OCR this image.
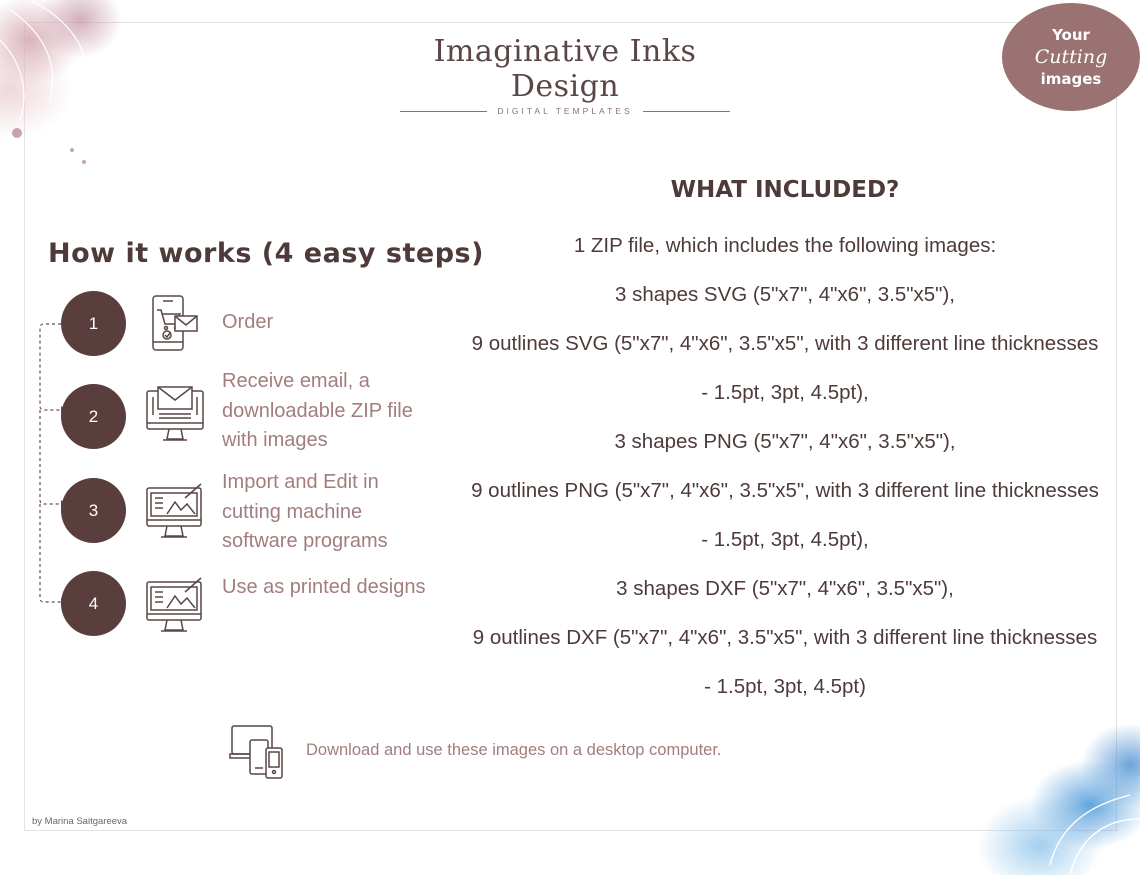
Imaginative Inks Design
DIGITAL TEMPLATES
Your
Cutting
images
How it works (4 easy steps)
1	Order
2
Receive email, a downloadable ZIP file with images
3
Import and Edit in cutting machine software programs
4
Use as printed designs
WHAT INCLUDED?
1 ZIP file, which includes the following images:
3 shapes SVG (5"x7", 4"x6", 3.5"x5"),
9 outlines SVG (5"x7", 4"x6", 3.5"x5", with 3 different line thicknesses
- 1.5pt, 3pt, 4.5pt),
3 shapes PNG (5"x7", 4"x6", 3.5"x5"),
9 outlines PNG (5"x7", 4"x6", 3.5"x5", with 3 different line thicknesses
- 1.5pt, 3pt, 4.5pt),
3 shapes DXF (5"x7", 4"x6", 3.5"x5"),
9 outlines DXF (5"x7", 4"x6", 3.5"x5", with 3 different line thicknesses
- 1.5pt, 3pt, 4.5pt)
Download and use these images on a desktop computer.
by Marina Saitgareeva
